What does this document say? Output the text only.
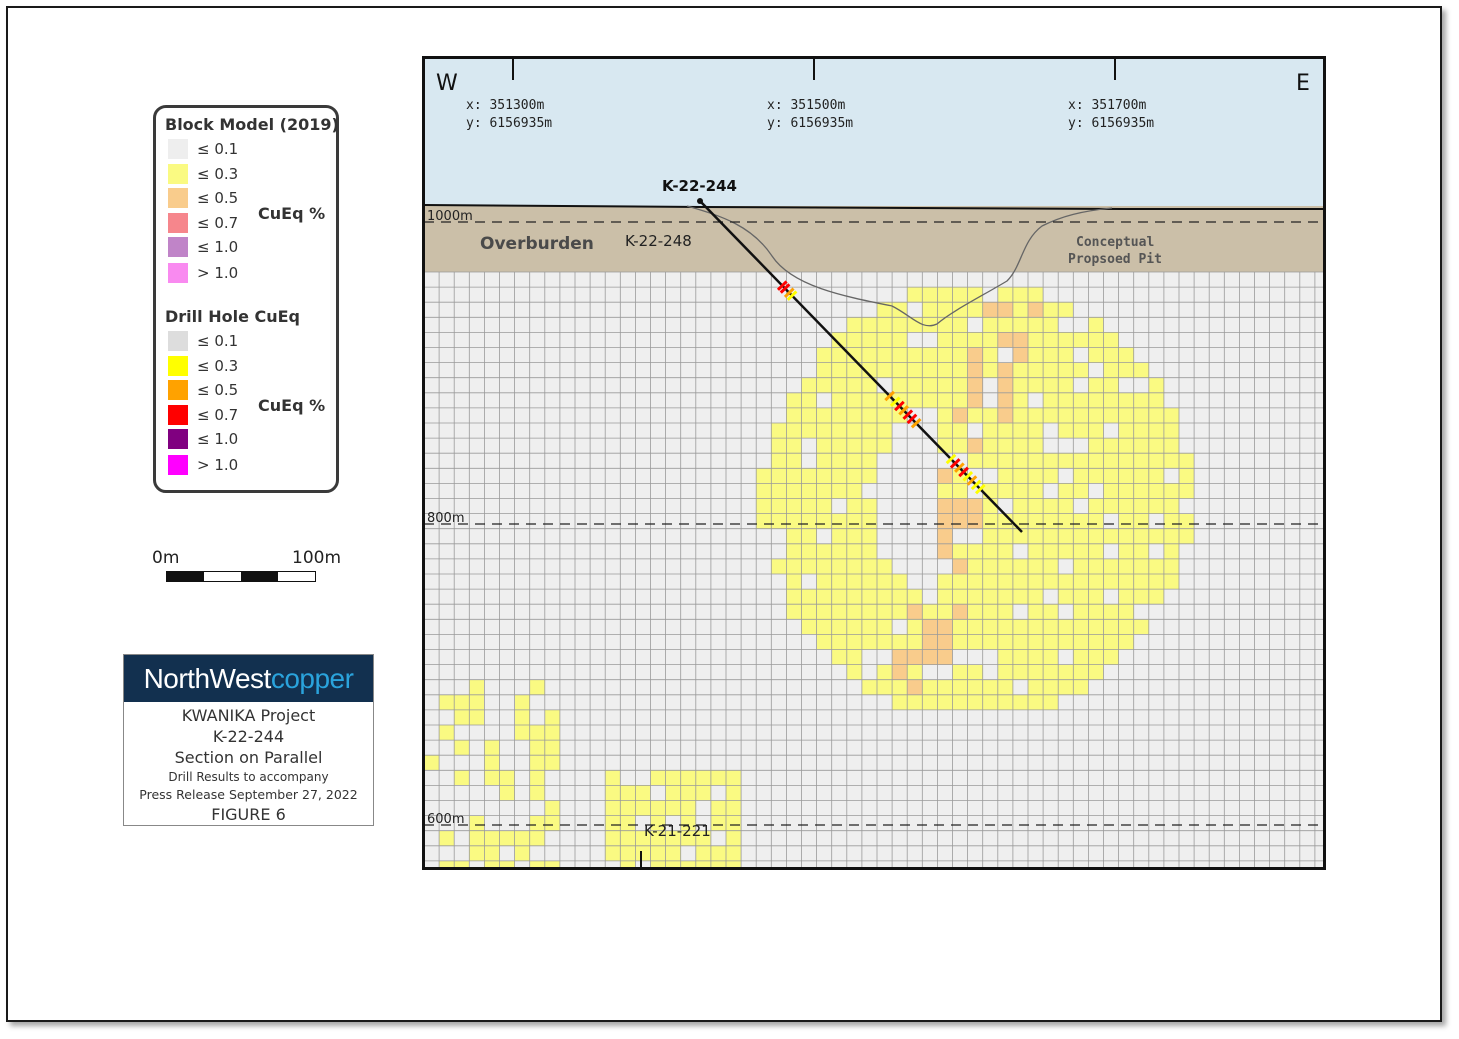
Block Model (2019)
≤ 0.1
≤ 0.3
≤ 0.5
≤ 0.7
≤ 1.0
> 1.0
CuEq %
Drill Hole CuEq
≤ 0.1
≤ 0.3
≤ 0.5
≤ 0.7
≤ 1.0
> 1.0
CuEq %
0m	100m
NorthWest copper
KWANIKA Project
K-22-244
Section on Parallel
Drill Results to accompany
Press Release September 27, 2022
FIGURE 6
W	E
x: 351300m
y: 6156935m
x: 351500m
y: 6156935m
x: 351700m
y: 6156935m
1000m
800m
600m
Overburden K-22-248
K-22-244
Conceptual
Propsoed Pit
K-21-221
